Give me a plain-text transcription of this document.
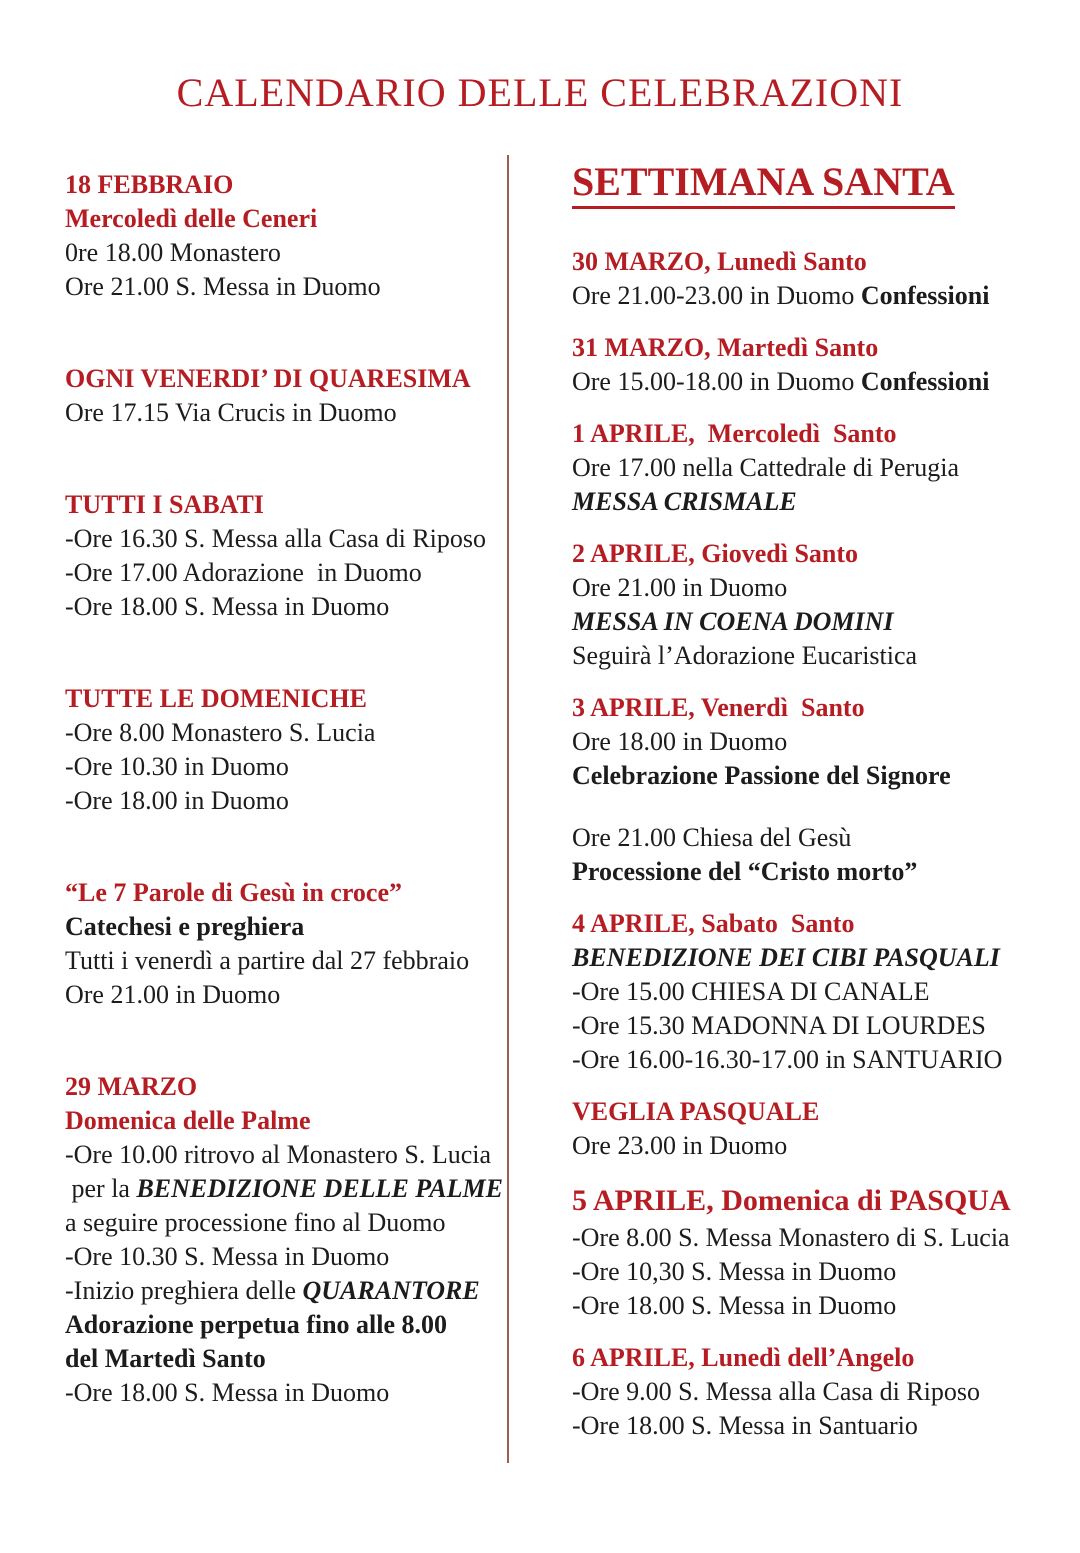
CALENDARIO DELLE CELEBRAZIONI
18 FEBBRAIO
Mercoledì delle Ceneri
0re 18.00 Monastero
Ore 21.00 S. Messa in Duomo
OGNI VENERDI’ DI QUARESIMA
Ore 17.15 Via Crucis in Duomo
TUTTI I SABATI
-Ore 16.30 S. Messa alla Casa di Riposo
-Ore 17.00 Adorazione  in Duomo
-Ore 18.00 S. Messa in Duomo
TUTTE LE DOMENICHE
-Ore 8.00 Monastero S. Lucia
-Ore 10.30 in Duomo
-Ore 18.00 in Duomo
“Le 7 Parole di Gesù in croce”
Catechesi e preghiera
Tutti i venerdì a partire dal 27 febbraio
Ore 21.00 in Duomo
29 MARZO
Domenica delle Palme
-Ore 10.00 ritrovo al Monastero S. Lucia
per la BENEDIZIONE DELLE PALME
a seguire processione fino al Duomo
-Ore 10.30 S. Messa in Duomo
-Inizio preghiera delle QUARANTORE
Adorazione perpetua fino alle 8.00
del Martedì Santo
-Ore 18.00 S. Messa in Duomo
SETTIMANA SANTA
30 MARZO, Lunedì Santo
Ore 21.00-23.00 in Duomo Confessioni
31 MARZO, Martedì Santo
Ore 15.00-18.00 in Duomo Confessioni
1 APRILE,  Mercoledì  Santo
Ore 17.00 nella Cattedrale di Perugia
MESSA CRISMALE
2 APRILE, Giovedì Santo
Ore 21.00 in Duomo
MESSA IN COENA DOMINI
Seguirà l’Adorazione Eucaristica
3 APRILE, Venerdì  Santo
Ore 18.00 in Duomo
Celebrazione Passione del Signore
Ore 21.00 Chiesa del Gesù
Processione del “Cristo morto”
4 APRILE, Sabato  Santo
BENEDIZIONE DEI CIBI PASQUALI
-Ore 15.00 CHIESA DI CANALE
-Ore 15.30 MADONNA DI LOURDES
-Ore 16.00-16.30-17.00 in SANTUARIO
VEGLIA PASQUALE
Ore 23.00 in Duomo
5 APRILE, Domenica di PASQUA
-Ore 8.00 S. Messa Monastero di S. Lucia
-Ore 10,30 S. Messa in Duomo
-Ore 18.00 S. Messa in Duomo
6 APRILE, Lunedì dell’Angelo
-Ore 9.00 S. Messa alla Casa di Riposo
-Ore 18.00 S. Messa in Santuario
